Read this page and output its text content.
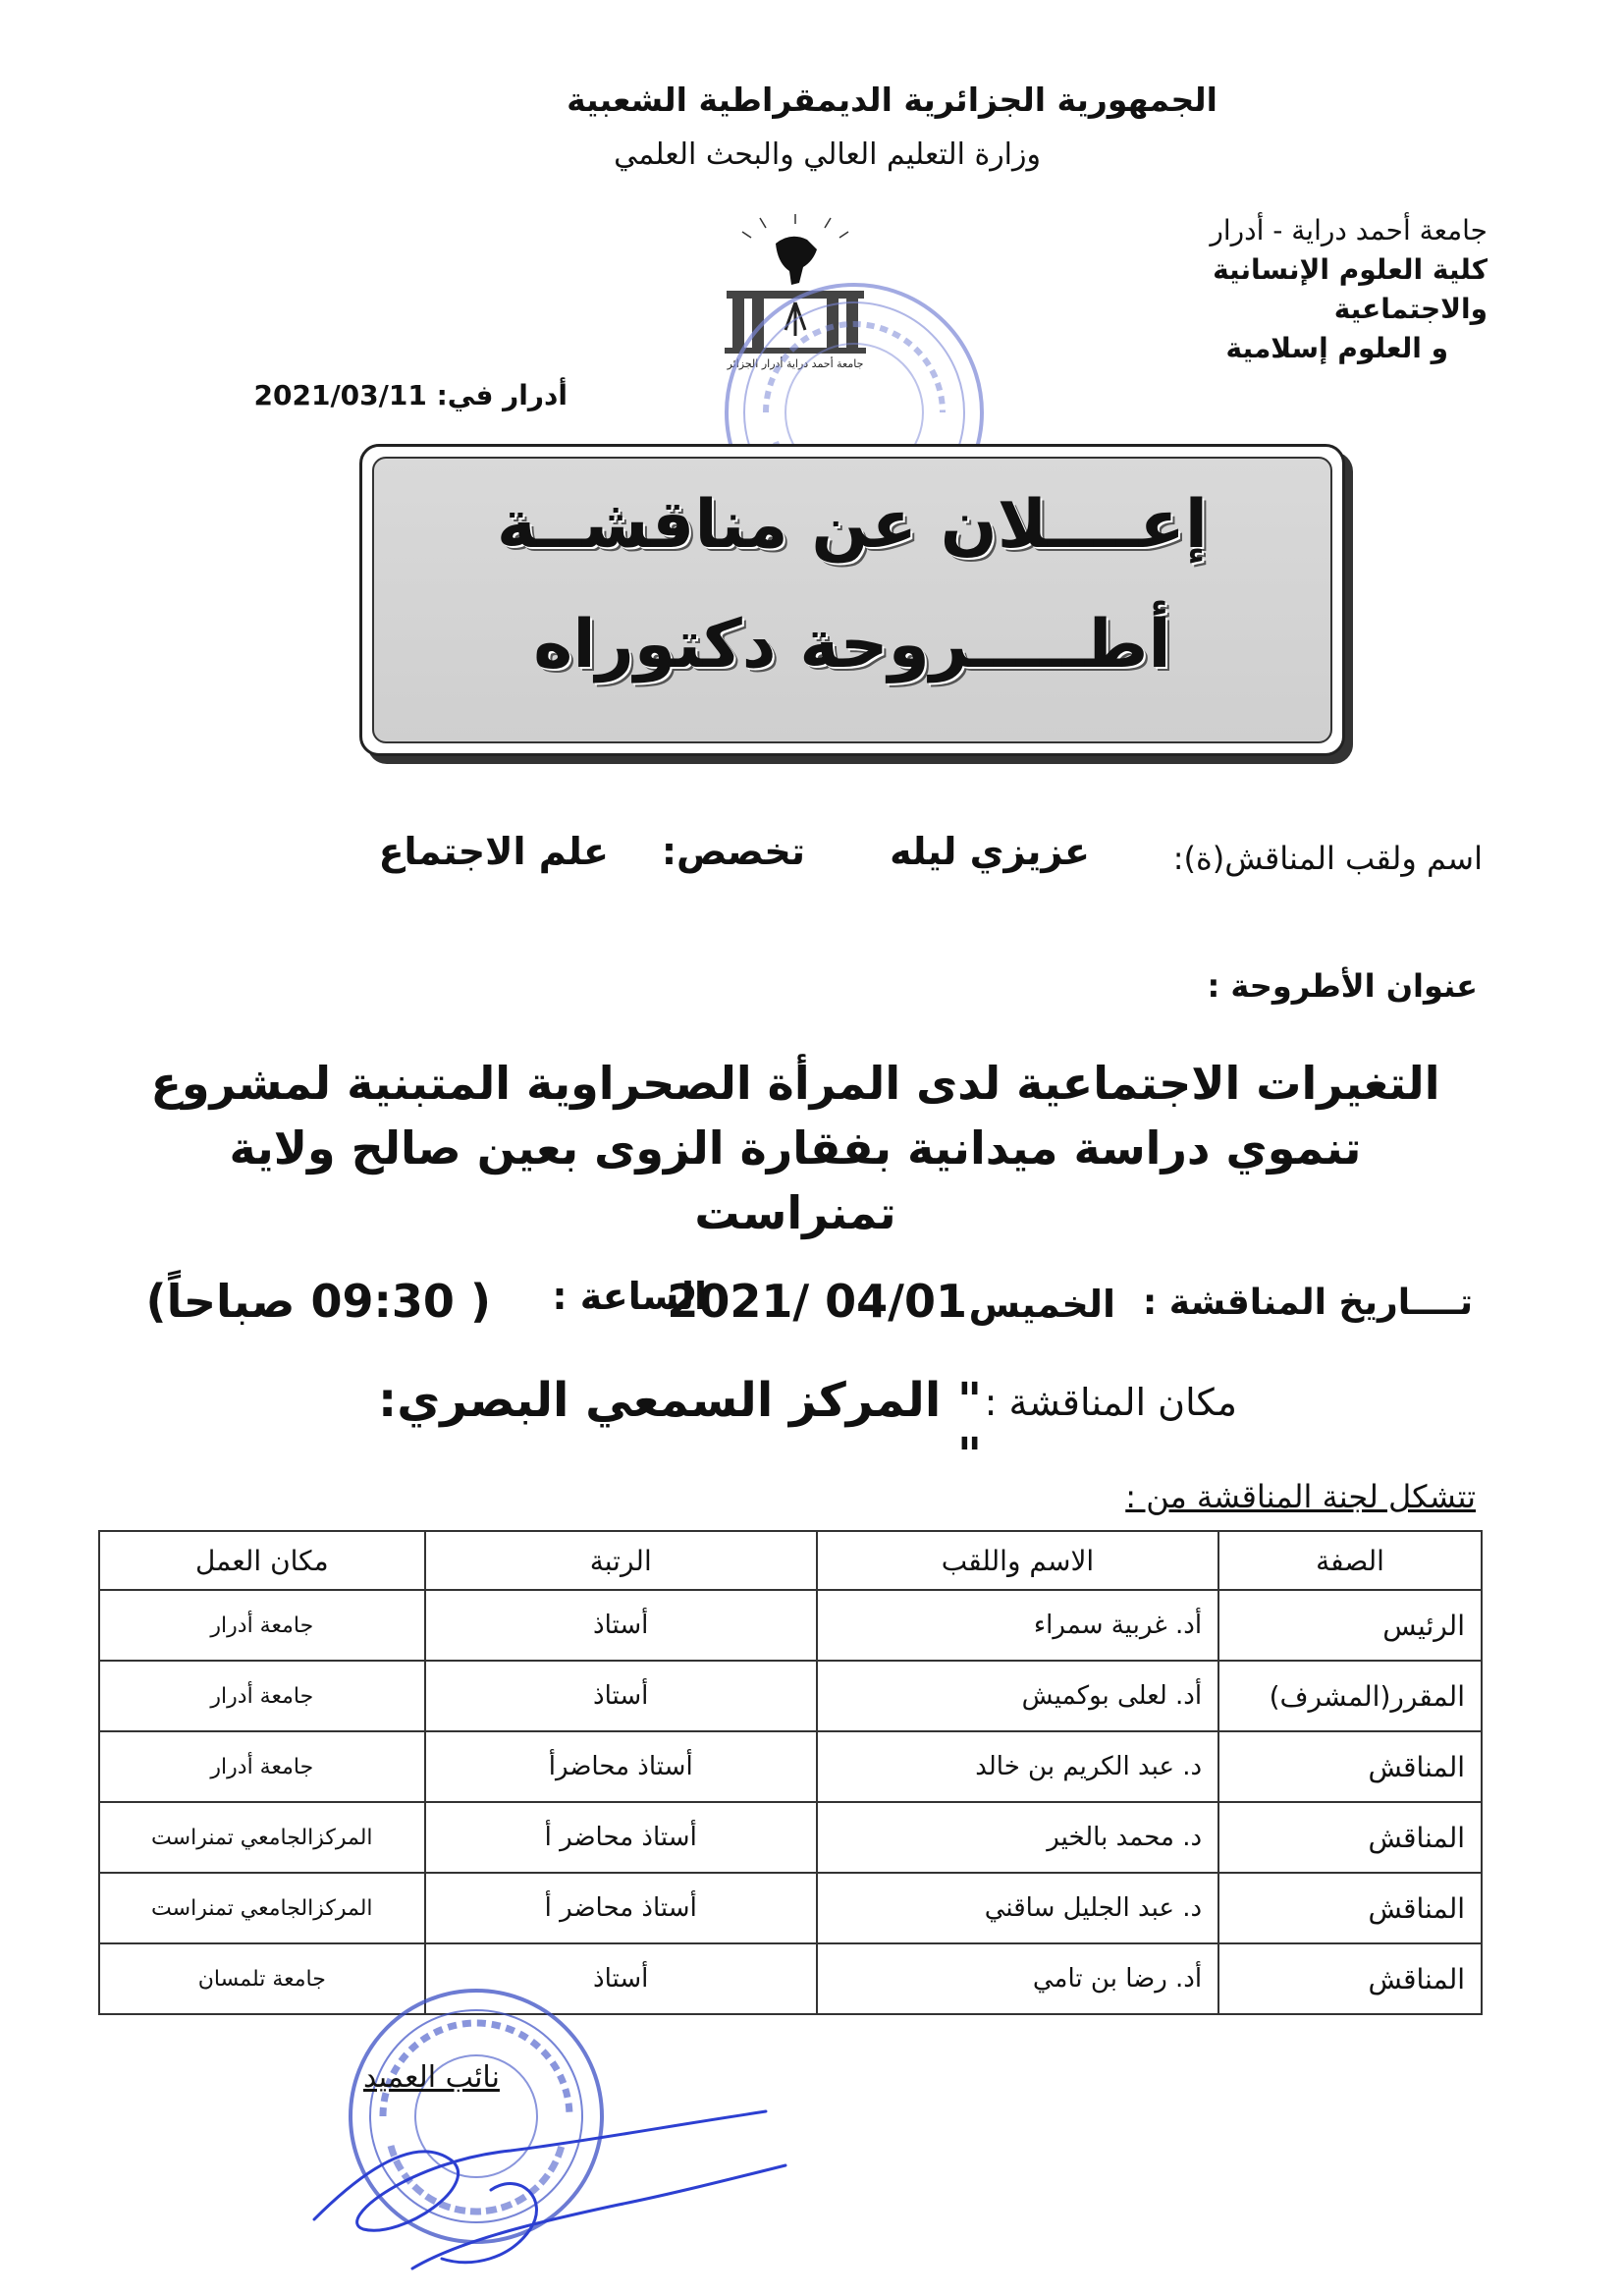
الجمهورية الجزائرية الديمقراطية الشعبية
وزارة التعليم العالي والبحث العلمي
جامعة أحمد دراية - أدرار
كلية العلوم الإنسانية والاجتماعية
و العلوم إسلامية
جامعة أحمد دراية أدرار الجزائر
أدرار في: 2021/03/11
إعــــلان عن مناقشــة
أطـــــروحة دكتوراه
اسم ولقب المناقش(ة):
عزيزي ليله
تخصص:
علم الاجتماع
عنوان الأطروحة :
التغيرات الاجتماعية لدى المرأة الصحراوية المتبنية لمشروع
تنموي دراسة ميدانية بفقارة الزوى بعين صالح ولاية تمنراست
تــــاريخ المناقشة :
الخميس
2021/ 04/01
الساعة :
( 09:30 صباحاً)
مكان المناقشة :
" المركز السمعي البصري: "
تتشكل لجنة المناقشة من :
الصفة	الاسم واللقب	الرتبة	مكان العمل
الرئيس	أد. غربية سمراء	أستاذ	جامعة أدرار
المقرر(المشرف)	أد. لعلى بوكميش	أستاذ	جامعة أدرار
المناقش	د. عبد الكريم بن خالد	أستاذ محاضرأ	جامعة أدرار
المناقش	د. محمد بالخير	أستاذ محاضر أ	المركزالجامعي تمنراست
المناقش	د. عبد الجليل ساقني	أستاذ محاضر أ	المركزالجامعي تمنراست
المناقش	أد. رضا بن تامي	أستاذ	جامعة تلمسان
نائب العميد
